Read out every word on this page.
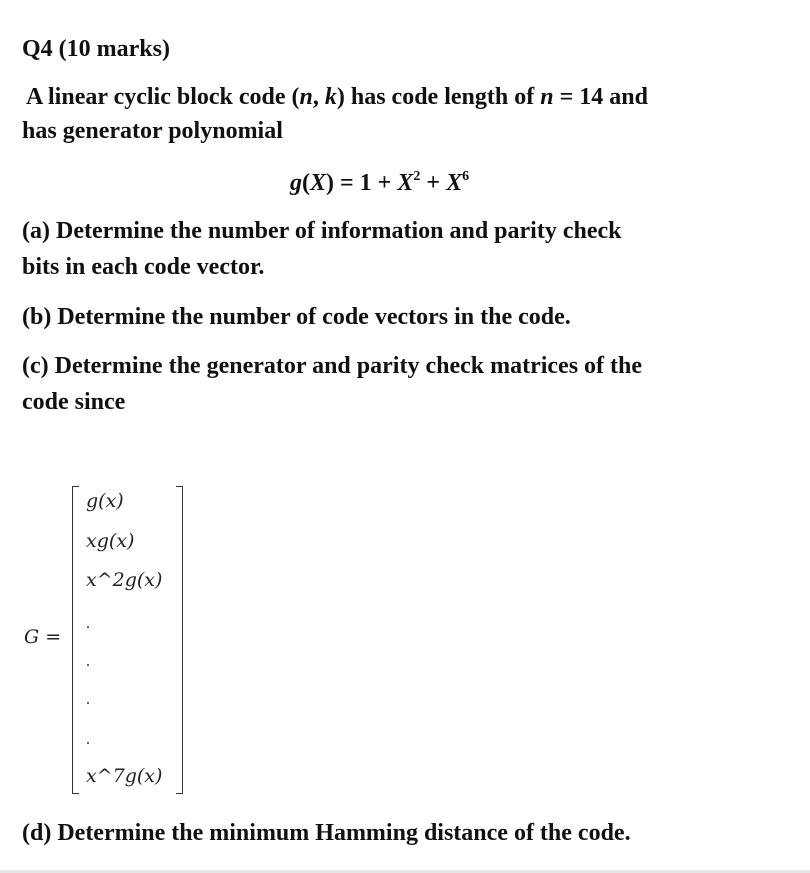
Q4 (10 marks)
A linear cyclic block code (n, k) has code length of n = 14 and
has generator polynomial
$g(X) = 1 + X^2 + X^6$
(a) Determine the number of information and parity check
bits in each code vector.
(b) Determine the number of code vectors in the code.
(c) Determine the generator and parity check matrices of the
code since
G =
g(x)
xg(x)
x^2g(x)
x^7g(x)
(d) Determine the minimum Hamming distance of the code.
